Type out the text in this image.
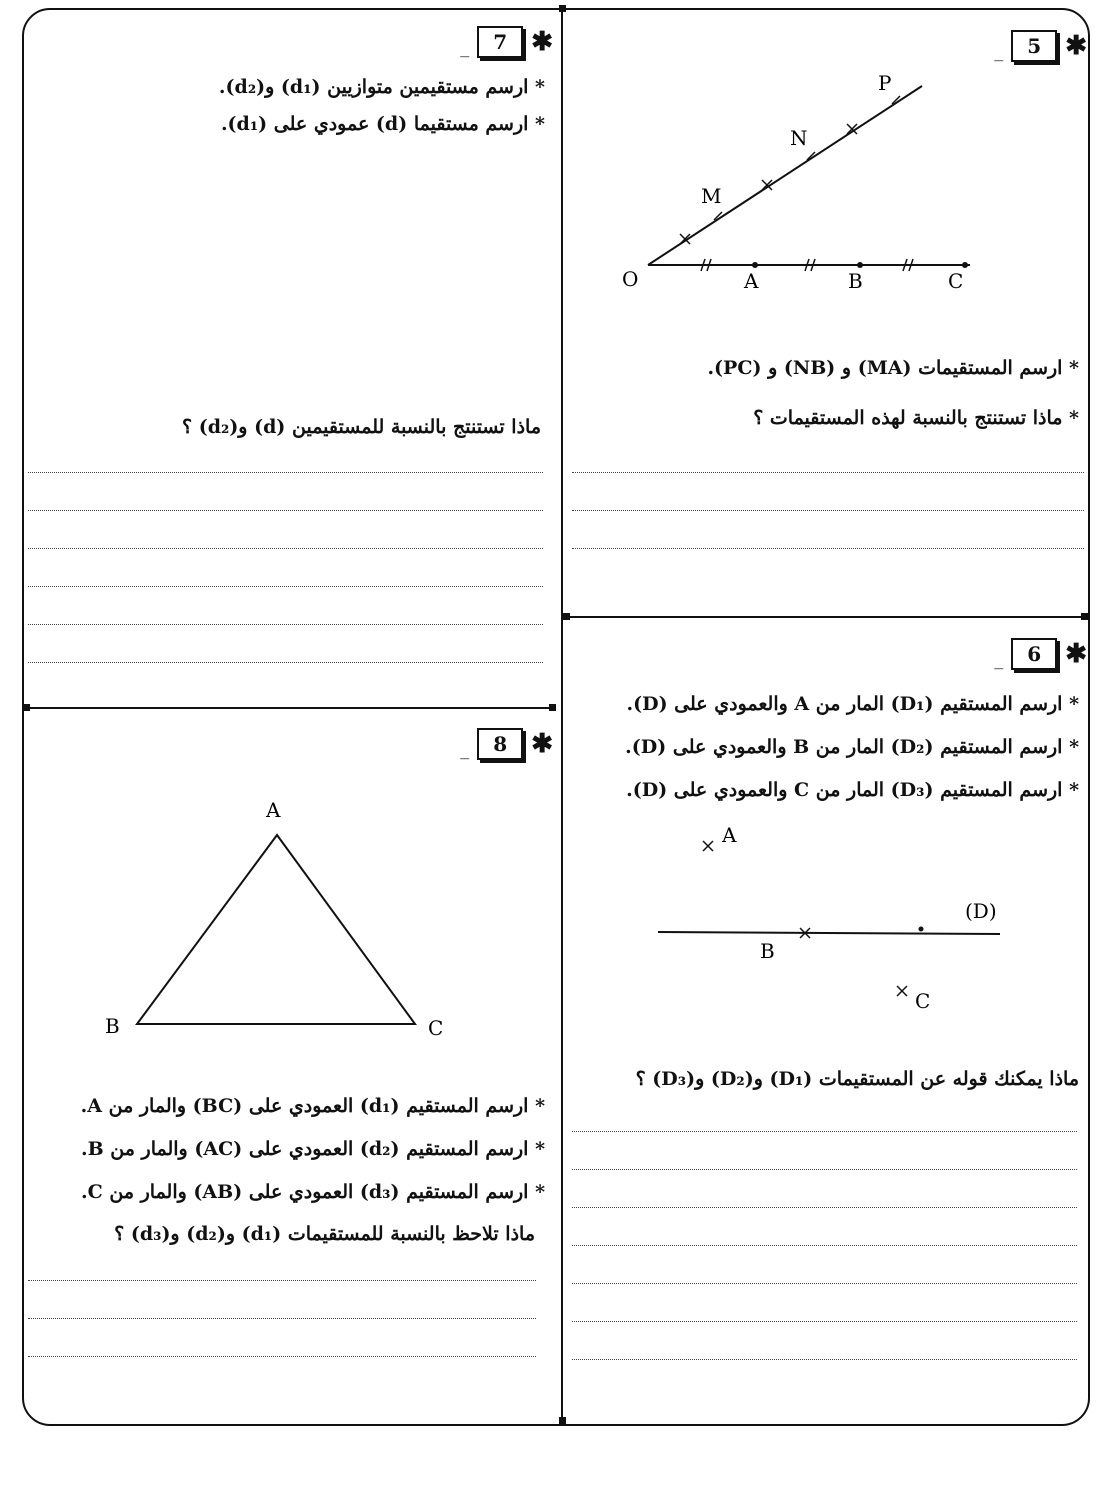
✱
5
_
* ارسم المستقيمات (MA) و (NB) و (PC).
* ماذا تستنتج بالنسبة لهذه المستقيمات ؟
O	A	B	C
M
N
P
✱
6
_
* ارسم المستقيم (D₁) المار من A والعمودي على (D).
* ارسم المستقيم (D₂) المار من B والعمودي على (D).
* ارسم المستقيم (D₃) المار من C والعمودي على (D).
ماذا يمكنك قوله عن المستقيمات (D₁) و(D₂) و(D₃) ؟
A
B
(D)
C
✱
7
_
* ارسم مستقيمين متوازيين (d₁) و(d₂).
* ارسم مستقيما (d) عمودي على (d₁).
ماذا تستنتج بالنسبة للمستقيمين (d) و(d₂) ؟
✱
8
_
* ارسم المستقيم (d₁) العمودي على (BC) والمار من A.
* ارسم المستقيم (d₂) العمودي على (AC) والمار من B.
* ارسم المستقيم (d₃) العمودي على (AB) والمار من C.
ماذا تلاحظ بالنسبة للمستقيمات (d₁) و(d₂) و(d₃) ؟
A
B	C
